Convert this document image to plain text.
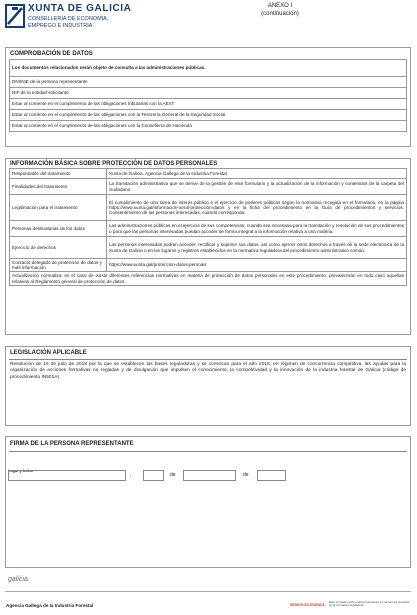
XUNTA DE GALICIA
CONSELLERÍA DE ECONOMÍA,
EMPREGO E INDUSTRIA
ANEXO I
(continuación)
COMPROBACIÓN DE DATOS
Los documentos relacionados serán objeto de consulta a las administraciones públicas.
DNI/NIE de la persona representante
NIF de la entidad solicitante
Estar al corriente en el cumplimiento de las obligaciones tributarias con la AEAT
Estar al corriente en el cumplimiento de las obligaciones con la Tesorería General de la Seguridad Social
Estar al corriente en el cumplimiento de las obligaciones con la Consellería de Hacienda
INFORMACIÓN BÁSICA SOBRE PROTECCIÓN DE DATOS PERSONALES
Responsable del tratamiento	Xunta de Galicia. Agencia Gallega de la Industria Forestal.
Finalidades del tratamiento	La tramitación administrativa que se derive de la gestión de este formulario y la actualización de la información y contenidos de la carpeta del ciudadano.
Legitimación para el tratamiento	El cumplimiento de una tarea de interés público o el ejercicio de poderes públicos según la normativa recogida en el formulario, en la página https://www.xunta.gal/informacion-xeral-proteccion-datos y en la ficha del procedimiento en la Guía de procedimientos y servicios. Consentimiento de las personas interesadas, cuando corresponda.
Personas destinatarias de los datos	Las administraciones públicas en el ejercicio de sus competencias, cuando sea necesario para la tramitación y resolución de sus procedimientos o para que las personas interesadas puedan acceder de forma integral a la información relativa a una materia.
Ejercicio de derechos	Las personas interesadas podrán acceder, rectificar y suprimir sus datos, así como ejercer otros derechos a través de la sede electrónica de la Xunta de Galicia o en los lugares y registros establecidos en la normativa reguladora del procedimiento administrativo común.
Contacto delegado de protección de datos y más información	https://www.xunta.gal/proteccion-datos-persoais
Actualización normativa: en el caso de existir diferentes referencias normativas en materia de protección de datos personales en este procedimiento, prevalecerán en todo caso aquellas relativas al Reglamento general de protección de datos.	
LEGISLACIÓN APLICABLE
Resolución de 16 de julio de 2018 por la que se establecen las bases reguladoras y se convocan para el año 2018, en régimen de concurrencia competitiva, las ayudas para la organización de acciones formativas no regladas y de divulgación que impulsen el conocimiento, la competitividad y la innovación de la industria forestal de Galicia (código de procedimiento IN501A).
FIRMA DE LA PERSONA REPRESENTANTE
Lugar y fecha
,	de	de
galicia
Agencia Gallega de la Industria Forestal	SEDE ELECTRÓNICA
Este formulario solo podrá presentarse en las formas previstas en la normativa reguladora
